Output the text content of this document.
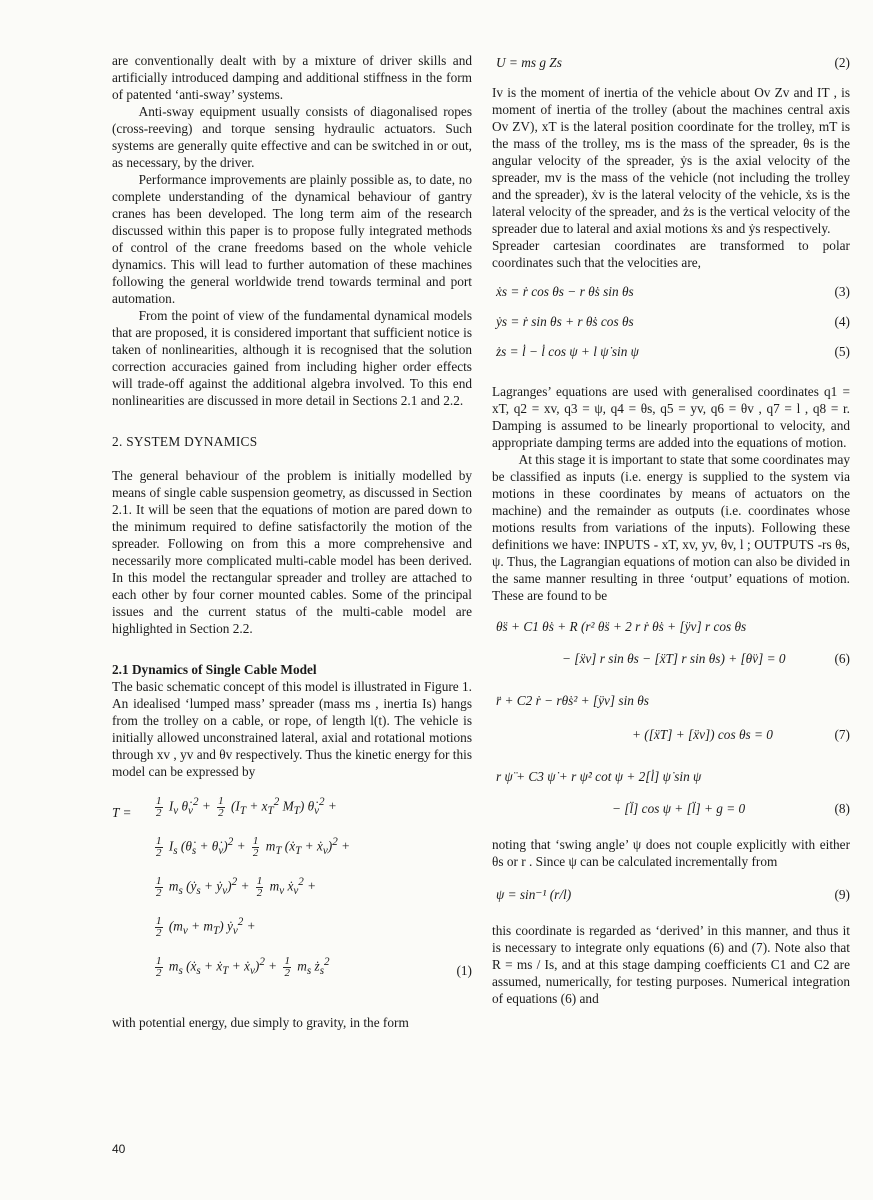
are conventionally dealt with by a mixture of driver skills and artificially introduced damping and additional stiffness in the form of patented ‘anti-sway’ systems.

Anti-sway equipment usually consists of diagonalised ropes (cross-reeving) and torque sensing hydraulic actuators. Such systems are generally quite effective and can be switched in or out, as necessary, by the driver.

Performance improvements are plainly possible as, to date, no complete understanding of the dynamical behaviour of gantry cranes has been developed. The long term aim of the research discussed within this paper is to propose fully integrated methods of control of the crane freedoms based on the whole vehicle dynamics. This will lead to further automation of these machines following the general worldwide trend towards terminal and port automation.

From the point of view of the fundamental dynamical models that are proposed, it is considered important that sufficient notice is taken of nonlinearities, although it is recognised that the solution correction accuracies gained from including higher order effects will trade-off against the additional algebra involved. To this end nonlinearities are discussed in more detail in Sections 2.1 and 2.2.

2. SYSTEM DYNAMICS

The general behaviour of the problem is initially modelled by means of single cable suspension geometry, as discussed in Section 2.1. It will be seen that the equations of motion are pared down to the minimum required to define satisfactorily the motion of the spreader. Following on from this a more comprehensive and necessarily more complicated multi-cable model has been derived. In this model the rectangular spreader and trolley are attached to each other by four corner mounted cables. Some of the principal issues and the current status of the multi-cable model are highlighted in Section 2.2.

2.1 Dynamics of Single Cable Model

The basic schematic concept of this model is illustrated in Figure 1. An idealised ‘lumped mass’ spreader (mass ms , inertia Is) hangs from the trolley on a cable, or rope, of length l(t). The vehicle is initially allowed unconstrained lateral, axial and rotational motions through xv , yv and θv respectively. Thus the kinetic energy for this model can be expressed by

$T = \frac{1}{2} I_v$ $\thetȧ_v^2 + \frac{1}{2} (I_T + x_T^2$ $M_T$) $\thetȧ_v^2$ +
$\frac{1}{2} I_s$ ($\thetȧ_s$ + $\thetȧ_v)^2 + \frac{1}{2} m_T$ (ẋ$_T$ + ẋ$_v$)$^2$ +
$\frac{1}{2} m_s$ (ẏ$_s$ + ẏ$_v$)$^2$ + $\frac{1}{2} m_v$ ẋ$_v^2$ +
$\frac{1}{2} (m_v + m_T)$ ẏ$_v^2$ +
$\frac{1}{2} m_s$ (ẋ$_s$ + ẋ$_T$ + ẋ$_v$)$^2$ + $\frac{1}{2} m_s$ $ż_s^2$
(1)

with potential energy, due simply to gravity, in the form

U = ms g Zs	(2)

Iv is the moment of inertia of the vehicle about Ov Zv and IT , is moment of inertia of the trolley (about the machines central axis Ov ZV), xT is the lateral position coordinate for the trolley, mT is the mass of the trolley, ms is the mass of the spreader, θs is the angular velocity of the spreader, ẏs is the axial velocity of the spreader, mv is the mass of the vehicle (not including the trolley and the spreader), ẋv is the lateral velocity of the vehicle, ẋs is the lateral velocity of the spreader, and żs is the vertical velocity of the spreader due to lateral and axial motions ẋs and ẏs respectively.

Spreader cartesian coordinates are transformed to polar coordinates such that the velocities are,

ẋs = ṙ cos θs − r θ̇s sin θs	(3)
ẏs = ṙ sin θs + r θ̇s cos θs	(4)
żs = l̇ − l̇ cos ψ + l ψ̇ sin ψ	(5)

Lagranges’ equations are used with generalised coordinates q1 = xT, q2 = xv, q3 = ψ, q4 = θs, q5 = yv, q6 = θv , q7 = l , q8 = r. Damping is assumed to be linearly proportional to velocity, and appropriate damping terms are added into the equations of motion.

At this stage it is important to state that some coordinates may be classified as inputs (i.e. energy is supplied to the system via motions in these coordinates by means of actuators on the machine) and the remainder as outputs (i.e. coordinates whose motions results from variations of the inputs). Following these definitions we have: INPUTS - xT, xv, yv, θv, l ; OUTPUTS -rs θs, ψ. Thus, the Lagrangian equations of motion can also be divided in the same manner resulting in three ‘output’ equations of motion. These are found to be

θ̈s + C1 θ̇s + R (r² θ̈s + 2 r ṙ θ̇s + [ÿv] r cos θs
− [ẍv] r sin θs − [ẍT] r sin θs) + [θ̈v] = 0	(6)
r̈ + C2 ṙ − rθ̇s² + [ÿv] sin θs
+ ([ẍT] + [ẍv]) cos θs = 0	(7)
r ψ̈ + C3 ψ̇ + r ψ̇² cot ψ + 2[l̇] ψ̇ sin ψ
− [l̈] cos ψ + [l̈] + g = 0	(8)

noting that ‘swing angle’ ψ does not couple explicitly with either θs or r . Since ψ can be calculated incrementally from

ψ = sin⁻¹ (r/l)	(9)

this coordinate is regarded as ‘derived’ in this manner, and thus it is necessary to integrate only equations (6) and (7). Note also that R = ms / Is, and at this stage damping coefficients C1 and C2 are assumed, numerically, for testing purposes. Numerical integration of equations (6) and

40
